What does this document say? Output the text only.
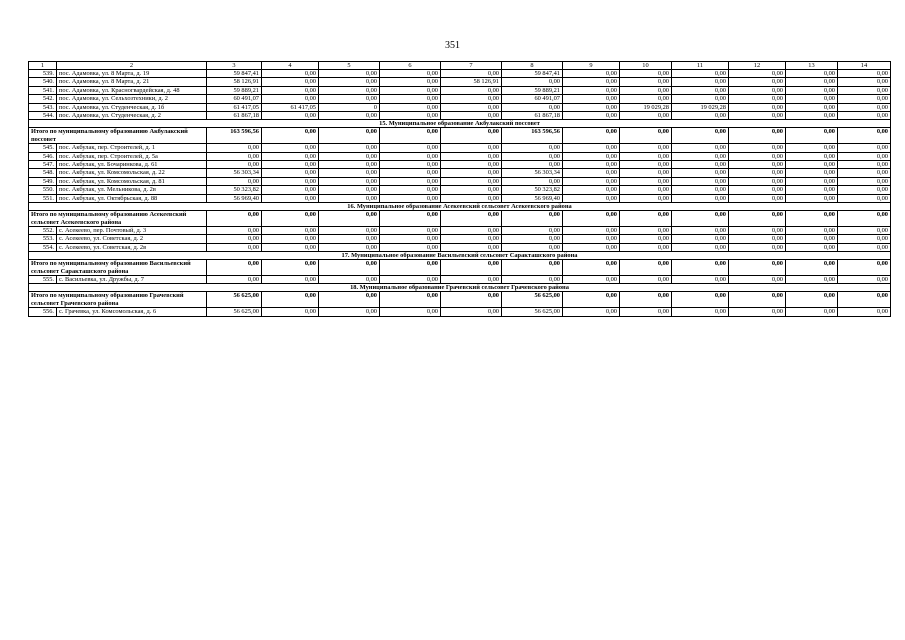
351
1	2	3	4	5	6	7	8	9	10	11	12	13	14
539.	пос. Адамовка, ул. 8 Марта, д. 19	59 847,41	0,00	0,00	0,00	0,00	59 847,41	0,00	0,00	0,00	0,00	0,00	0,00
540.	пос. Адамовка, ул. 8 Марта, д. 21	58 126,91	0,00	0,00	0,00	58 126,91	0,00	0,00	0,00	0,00	0,00	0,00	0,00
541.	пос. Адамовка, ул. Красногвардейская, д. 48	59 889,21	0,00	0,00	0,00	0,00	59 889,21	0,00	0,00	0,00	0,00	0,00	0,00
542.	пос. Адамовка, ул. Сельхозтехники, д. 2	60 491,07	0,00	0,00	0,00	0,00	60 491,07	0,00	0,00	0,00	0,00	0,00	0,00
543.	пос. Адамовка, ул. Студенческая, д. 1б	61 417,05	61 417,05	0	0,00	0,00	0,00	0,00	19 029,28	19 029,28	0,00	0,00	0,00
544.	пос. Адамовка, ул. Студенческая, д. 2	61 867,18	0,00	0,00	0,00	0,00	61 867,18	0,00	0,00	0,00	0,00	0,00	0,00
15. Муниципальное образование Акбулакский поссовет													
Итого по муниципальному образованию Акбулакский поссовет		163 596,56	0,00	0,00	0,00	0,00	163 596,56	0,00	0,00	0,00	0,00	0,00	0,00
545.	пос. Акбулак, пер. Строителей, д. 1	0,00	0,00	0,00	0,00	0,00	0,00	0,00	0,00	0,00	0,00	0,00	0,00
546.	пос. Акбулак, пер. Строителей, д. 5а	0,00	0,00	0,00	0,00	0,00	0,00	0,00	0,00	0,00	0,00	0,00	0,00
547.	пос. Акбулак, ул. Бочаринкова, д. 61	0,00	0,00	0,00	0,00	0,00	0,00	0,00	0,00	0,00	0,00	0,00	0,00
548.	пос. Акбулак, ул. Комсомольская, д. 22	56 303,34	0,00	0,00	0,00	0,00	56 303,34	0,00	0,00	0,00	0,00	0,00	0,00
549.	пос. Акбулак, ул. Комсомольская, д. 81	0,00	0,00	0,00	0,00	0,00	0,00	0,00	0,00	0,00	0,00	0,00	0,00
550.	пос. Акбулак, ул. Мельникова, д. 2в	50 323,82	0,00	0,00	0,00	0,00	50 323,82	0,00	0,00	0,00	0,00	0,00	0,00
551.	пос. Акбулак, ул. Октябрьская, д. 88	56 969,40	0,00	0,00	0,00	0,00	56 969,40	0,00	0,00	0,00	0,00	0,00	0,00
16. Муниципальное образование Асекеевский сельсовет Асекеевского района													
Итого по муниципальному образованию Асекеевский сельсовет Асекеевского района		0,00	0,00	0,00	0,00	0,00	0,00	0,00	0,00	0,00	0,00	0,00	0,00
552.	с. Асекеево, пер. Почтовый, д. 3	0,00	0,00	0,00	0,00	0,00	0,00	0,00	0,00	0,00	0,00	0,00	0,00
553.	с. Асекеево, ул. Советская, д. 2	0,00	0,00	0,00	0,00	0,00	0,00	0,00	0,00	0,00	0,00	0,00	0,00
554.	с. Асекеево, ул. Советская, д. 2в	0,00	0,00	0,00	0,00	0,00	0,00	0,00	0,00	0,00	0,00	0,00	0,00
17. Муниципальное образование Васильевский сельсовет Саракташского района													
Итого по муниципальному образованию Васильевский сельсовет Саракташского района		0,00	0,00	0,00	0,00	0,00	0,00	0,00	0,00	0,00	0,00	0,00	0,00
555.	с. Васильевка, ул. Дружбы, д. 7	0,00	0,00	0,00	0,00	0,00	0,00	0,00	0,00	0,00	0,00	0,00	0,00
18. Муниципальное образование Грачевский сельсовет Грачевского района													
Итого по муниципальному образованию Грачевский сельсовет Грачевского района		56 625,00	0,00	0,00	0,00	0,00	56 625,00	0,00	0,00	0,00	0,00	0,00	0,00
556.	с. Грачевка, ул. Комсомольская, д. 6	56 625,00	0,00	0,00	0,00	0,00	56 625,00	0,00	0,00	0,00	0,00	0,00	0,00
